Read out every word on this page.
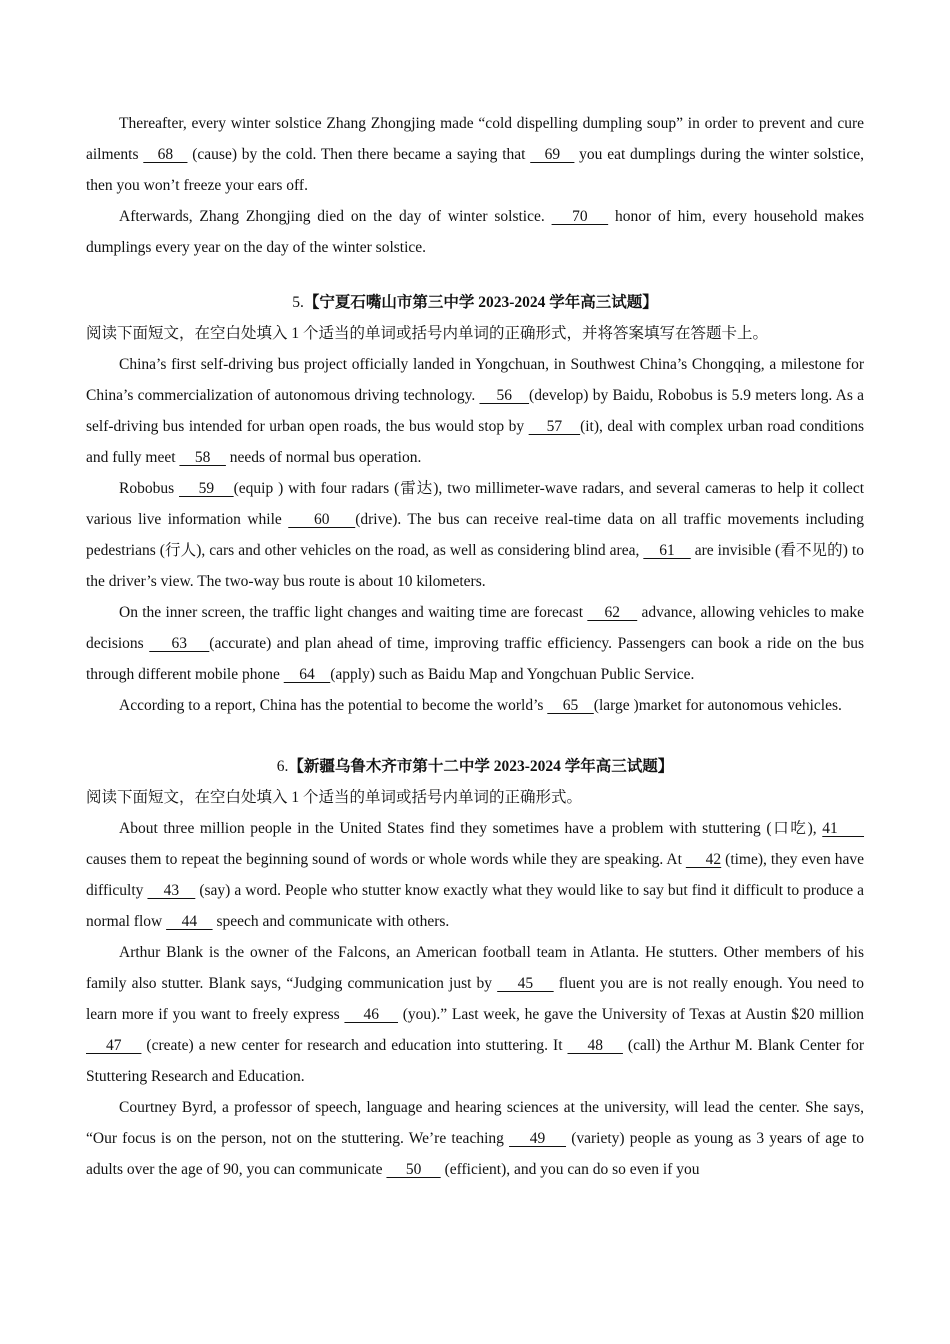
Thereafter, every winter solstice Zhang Zhongjing made “cold dispelling dumpling soup” in order to prevent and cure ailments    68    (cause) by the cold. Then there became a saying that    69    you eat dumplings during the winter solstice, then you won’t freeze your ears off.

Afterwards, Zhang Zhongjing died on the day of winter solstice.    70    honor of him, every household makes dumplings every year on the day of the winter solstice.

5.【宁夏石嘴山市第三中学 2023-2024 学年高三试题】

阅读下面短文，在空白处填入 1 个适当的单词或括号内单词的正确形式，并将答案填写在答题卡上。

China’s first self-driving bus project officially landed in Yongchuan, in Southwest China’s Chongqing, a milestone for China’s commercialization of autonomous driving technology.     56    (develop) by Baidu, Robobus is 5.9 meters long. As a self-driving bus intended for urban open roads, the bus would stop by     57    (it), deal with complex urban road conditions and fully meet     58     needs of normal bus operation.

Robobus     59    (equip ) with four radars (雷达), two millimeter-wave radars, and several cameras to help it collect various live information while     60    (drive). The bus can receive real-time data on all traffic movements including pedestrians (行人), cars and other vehicles on the road, as well as considering blind area,     61     are invisible (看不见的) to the driver’s view. The two-way bus route is about 10 kilometers.

On the inner screen, the traffic light changes and waiting time are forecast     62     advance, allowing vehicles to make decisions     63    (accurate) and plan ahead of time, improving traffic efficiency. Passengers can book a ride on the bus through different mobile phone     64    (apply) such as Baidu Map and Yongchuan Public Service.

According to a report, China has the potential to become the world’s     65    (large )market for autonomous vehicles.

6.【新疆乌鲁木齐市第十二中学 2023-2024 学年高三试题】

阅读下面短文，在空白处填入 1 个适当的单词或括号内单词的正确形式。

About three million people in the United States find they sometimes have a problem with stuttering (口吃), 41      causes them to repeat the beginning sound of words or whole words while they are speaking. At      42 (time), they even have difficulty     43     (say) a word. People who stutter know exactly what they would like to say but find it difficult to produce a normal flow     44     speech and communicate with others.

Arthur Blank is the owner of the Falcons, an American football team in Atlanta. He stutters. Other members of his family also stutter. Blank says, “Judging communication just by     45     fluent you are is not really enough. You need to learn more if you want to freely express     46     (you).” Last week, he gave the University of Texas at Austin $20 million     47     (create) a new center for research and education into stuttering. It     48     (call) the Arthur M. Blank Center for Stuttering Research and Education.

Courtney Byrd, a professor of speech, language and hearing sciences at the university, will lead the center. She says, “Our focus is on the person, not on the stuttering. We’re teaching     49     (variety) people as young as 3 years of age to adults over the age of 90, you can communicate      50      (efficient), and you can do so even if you
